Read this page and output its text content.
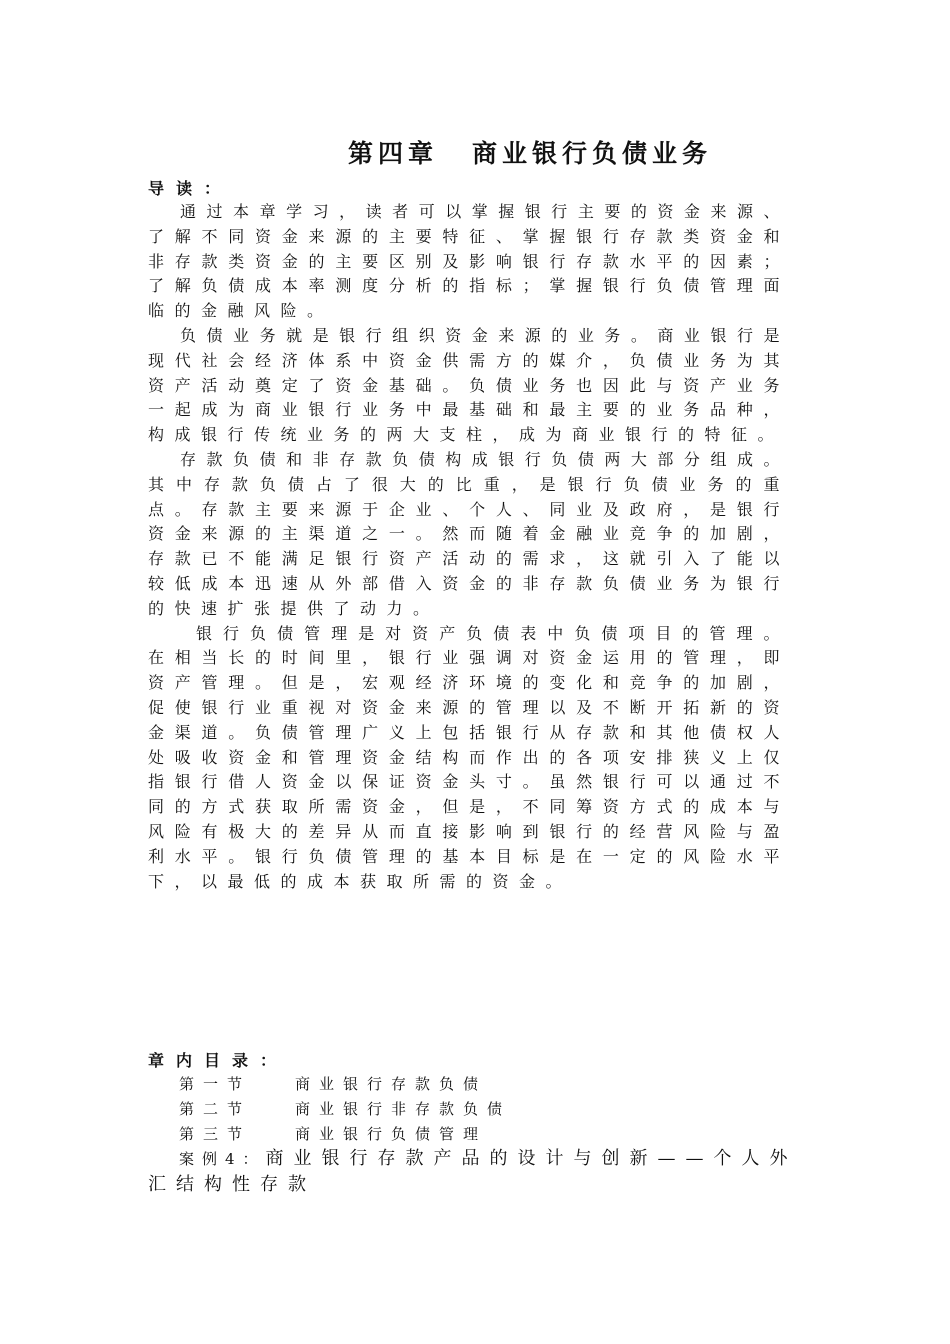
第四章 商业银行负债业务
导读：

通过本章学习，读者可以掌握银行主要的资金来源、了解不同资金来源的主要特征、掌握银行存款类资金和非存款类资金的主要区别及影响银行存款水平的因素；了解负债成本率测度分析的指标；掌握银行负债管理面临的金融风险。

负债业务就是银行组织资金来源的业务。商业银行是现代社会经济体系中资金供需方的媒介，负债业务为其资产活动奠定了资金基础。负债业务也因此与资产业务一起成为商业银行业务中最基础和最主要的业务品种，构成银行传统业务的两大支柱，成为商业银行的特征。

存款负债和非存款负债构成银行负债两大部分组成。其中存款负债占了很大的比重，是银行负债业务的重点。存款主要来源于企业、个人、同业及政府，是银行资金来源的主渠道之一。然而随着金融业竞争的加剧，存款已不能满足银行资产活动的需求，这就引入了能以较低成本迅速从外部借入资金的非存款负债业务为银行的快速扩张提供了动力。

银行负债管理是对资产负债表中负债项目的管理。在相当长的时间里，银行业强调对资金运用的管理，即资产管理。但是，宏观经济环境的变化和竞争的加剧，促使银行业重视对资金来源的管理以及不断开拓新的资金渠道。负债管理广义上包括银行从存款和其他债权人处吸收资金和管理资金结构而作出的各项安排狭义上仅指银行借人资金以保证资金头寸。虽然银行可以通过不同的方式获取所需资金，但是，不同筹资方式的成本与风险有极大的差异从而直接影响到银行的经营风险与盈利水平。银行负债管理的基本目标是在一定的风险水平下，以最低的成本获取所需的资金。

章内目录：
第一节	商业银行存款负债
第二节	商业银行非存款负债
第三节	商业银行负债管理
案例4：商业银行存款产品的设计与创新——个人外汇结构性存款
